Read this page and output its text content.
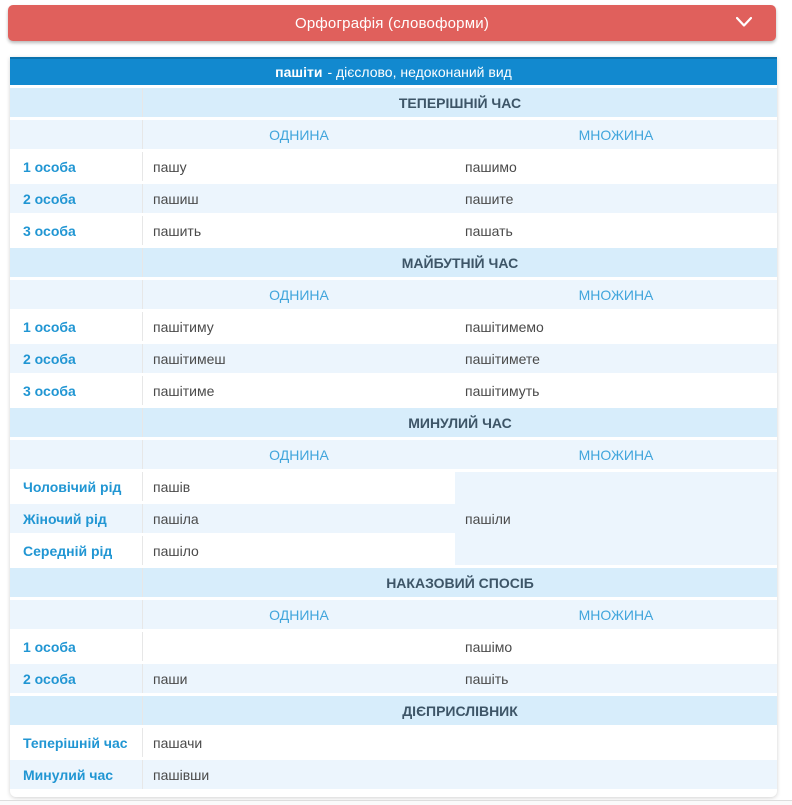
Орфографія (словоформи)
пашіти - дієслово, недоконаний вид
	ТЕПЕРІШНІЙ ЧАС	
	ОДНИНА	МНОЖИНА
1 особа	пашу	пашимо
2 особа	пашиш	пашите
3 особа	пашить	пашать
	МАЙБУТНІЙ ЧАС	
	ОДНИНА	МНОЖИНА
1 особа	пашітиму	пашітимемо
2 особа	пашітимеш	пашітимете
3 особа	пашітиме	пашітимуть
	МИНУЛИЙ ЧАС	
	ОДНИНА	МНОЖИНА
Чоловічий рід	пашів	пашіли
Жіночий рід	пашіла	
Середній рід	пашіло	
	НАКАЗОВИЙ СПОСІБ	
	ОДНИНА	МНОЖИНА
1 особа		пашімо
2 особа	паши	пашіть
	ДІЄПРИСЛІВНИК	
Теперішній час	пашачи	
Минулий час	пашівши	
